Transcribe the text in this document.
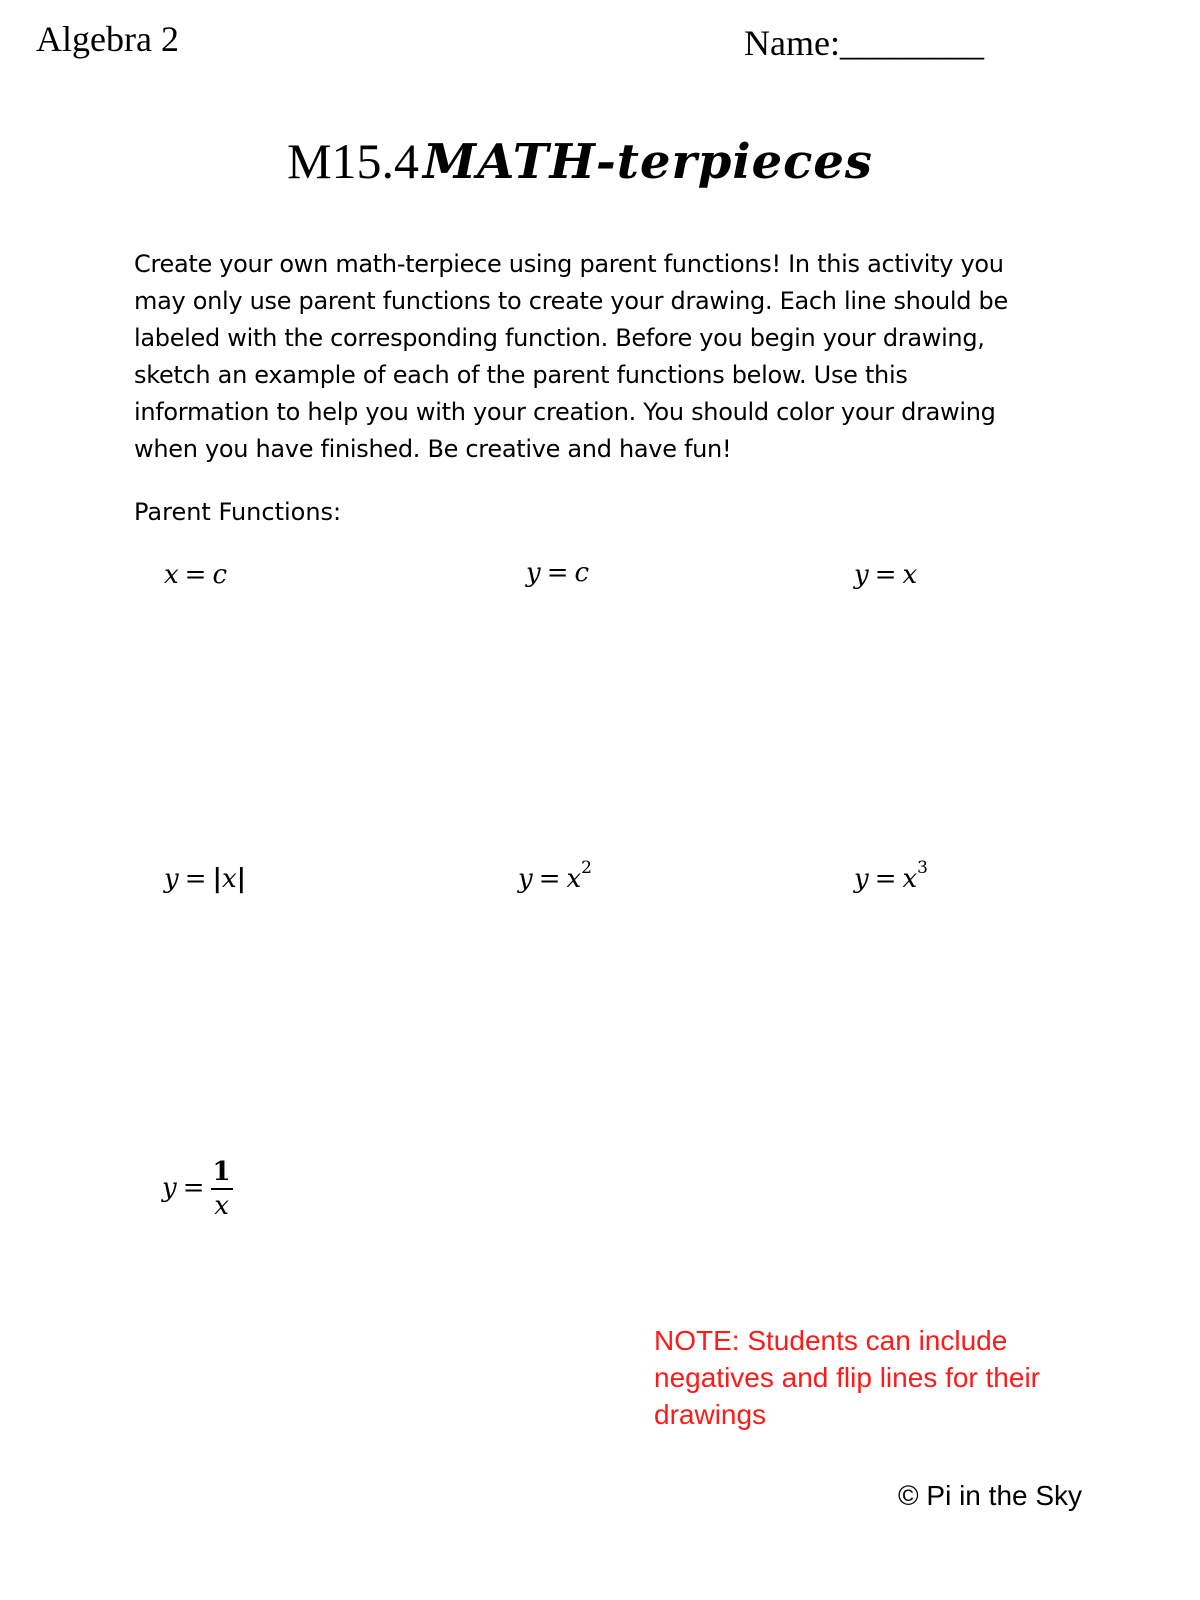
Algebra 2	Name:________
M15.4 MATH-terpieces
Create your own math-terpiece using parent functions! In this activity you may only use parent functions to create your drawing. Each line should be labeled with the corresponding function. Before you begin your drawing, sketch an example of each of the parent functions below. Use this information to help you with your creation. You should color your drawing when you have finished. Be creative and have fun!
Parent Functions:
x = c	y = c	y = x
y = |x|	$y = x^2$	$y = x^3$
$y = \frac{1}{x}$
NOTE: Students can include negatives and flip lines for their drawings
© Pi in the Sky
